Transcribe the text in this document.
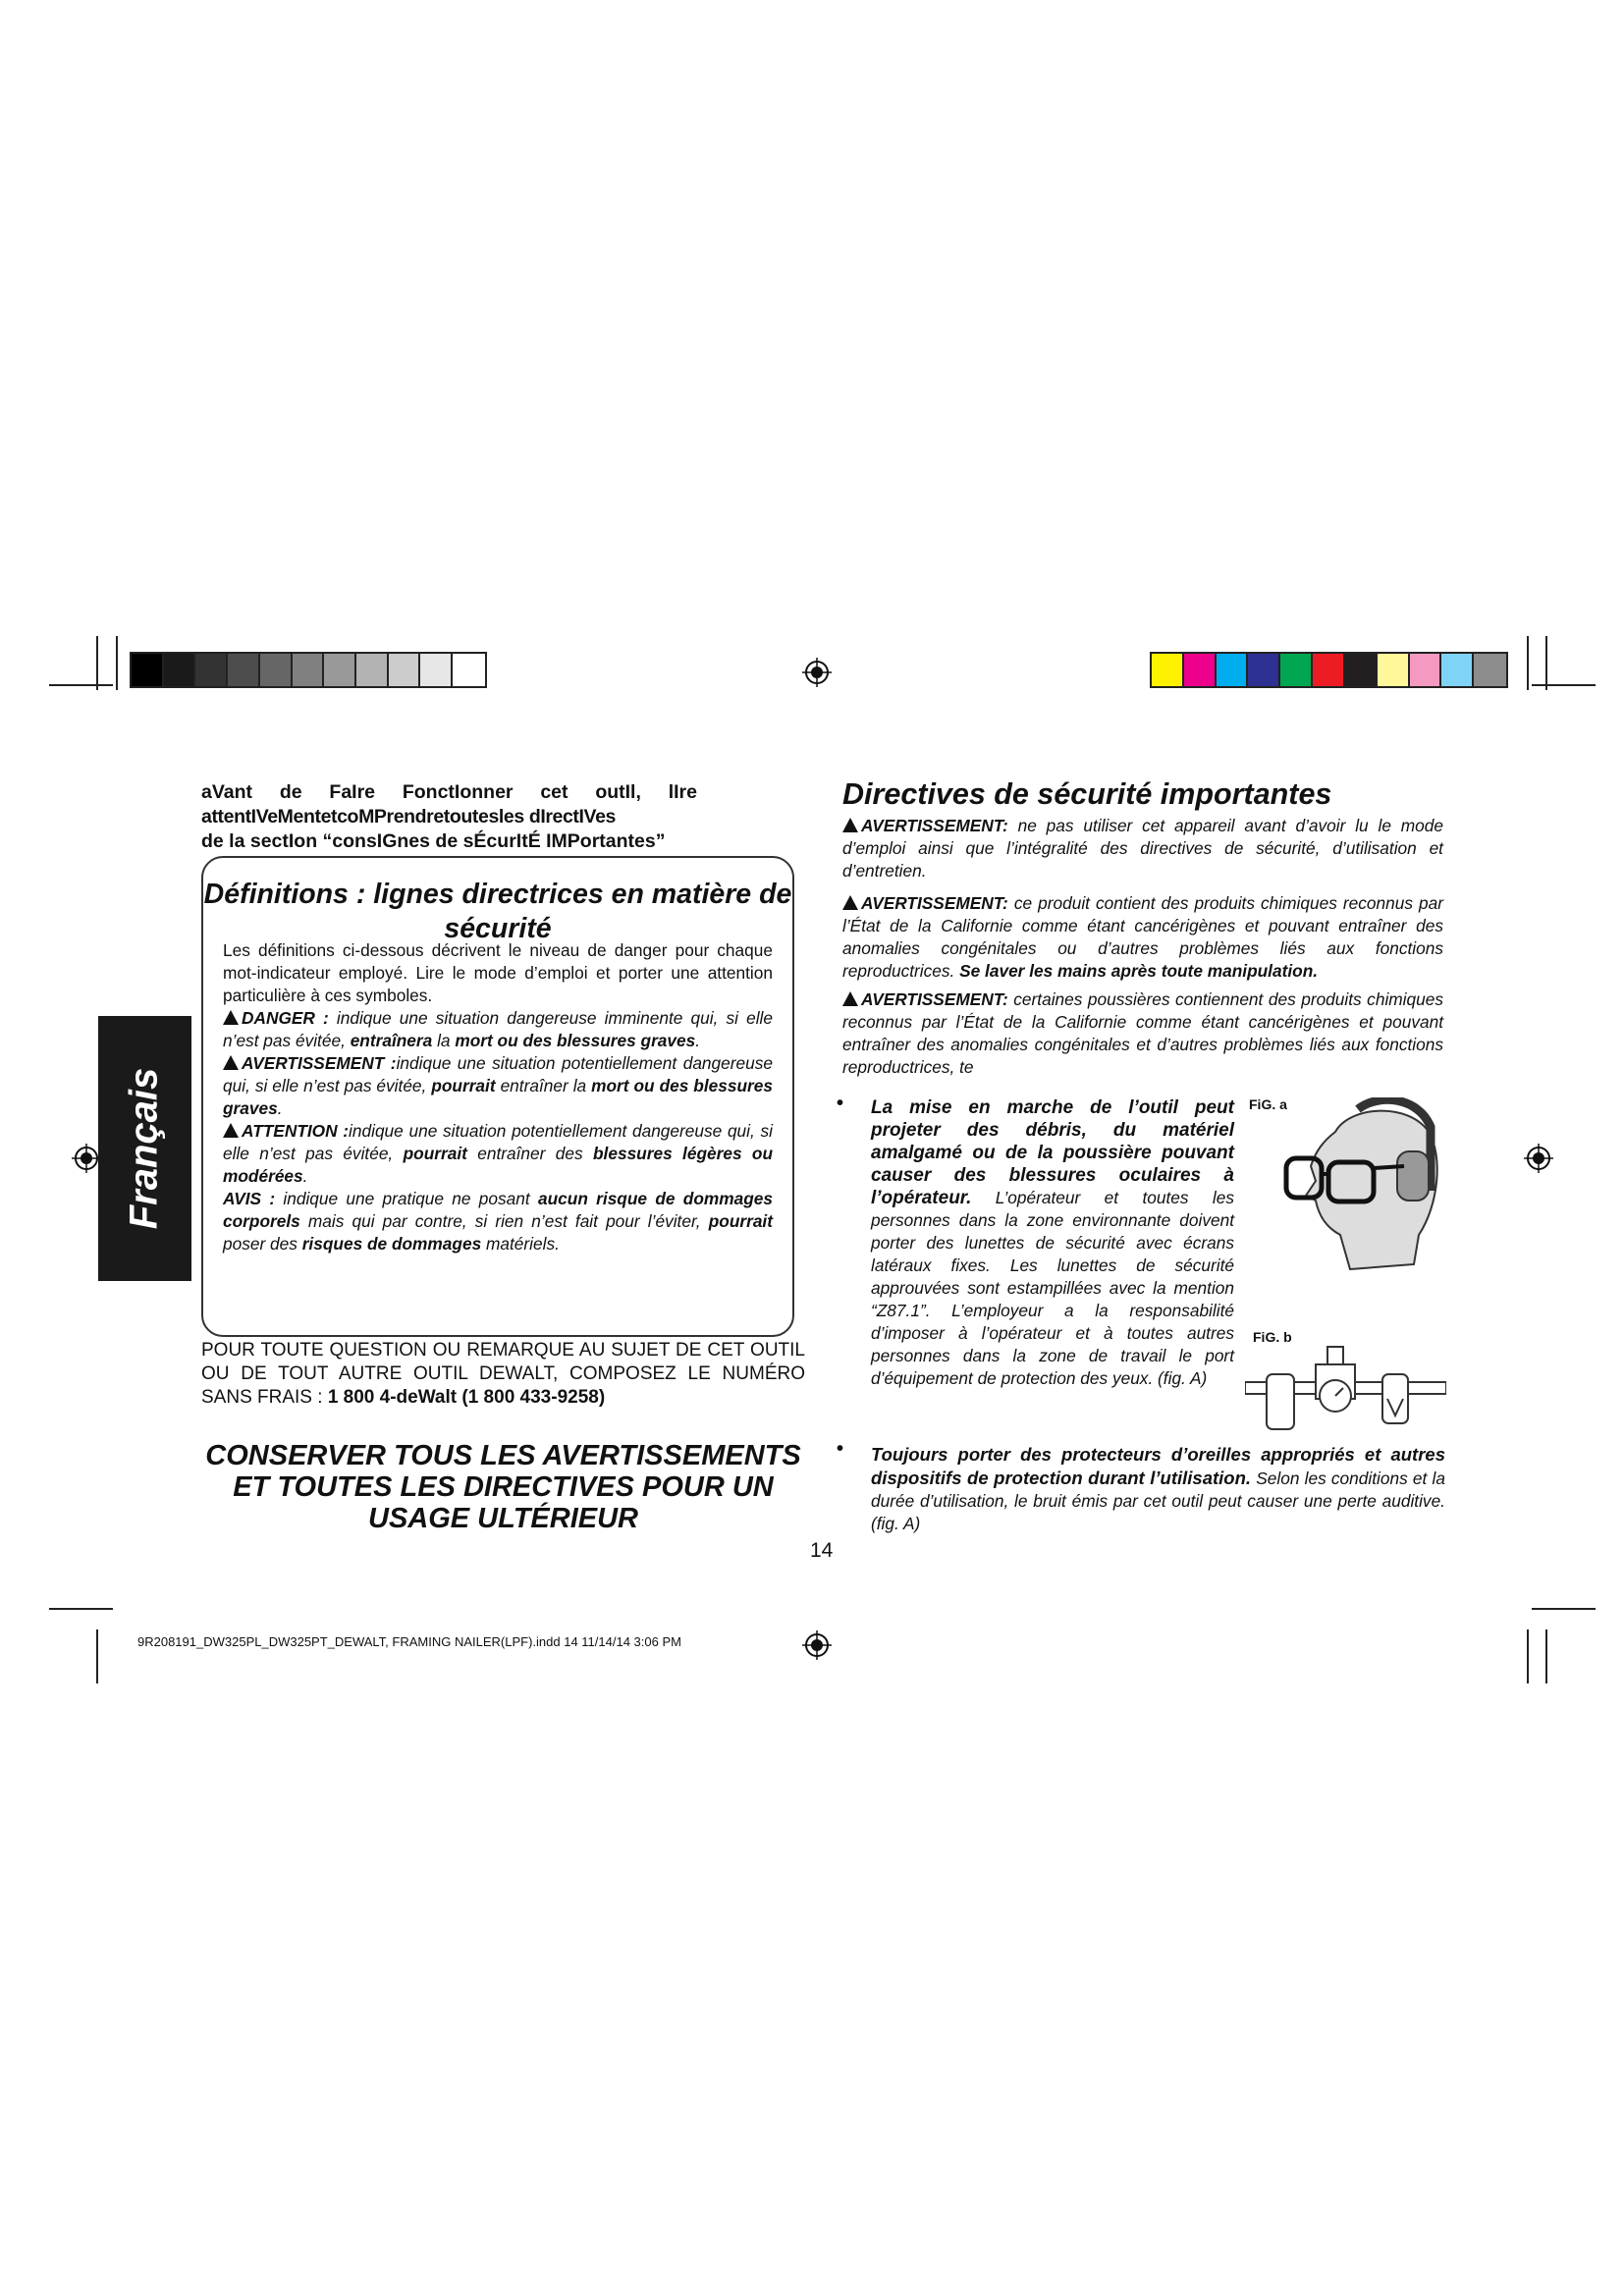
Français
aVant de FaIre FonctIonner cet outIl, lIre
attentIVeMentetcoMPrendretoutesles dIrectIVes
de la sectIon “consIGnes de sÉcurItÉ IMPortantes”
Définitions : lignes directrices en matière de sécurité

Les définitions ci-dessous décrivent le niveau de danger pour chaque mot-indicateur employé. Lire le mode d’emploi et porter une attention particulière à ces symboles.

DANGER : indique une situation dangereuse imminente qui, si elle n’est pas évitée, entraînera la mort ou des blessures graves.

AVERTISSEMENT :indique une situation potentiellement dangereuse qui, si elle n’est pas évitée, pourrait entraîner la mort ou des blessures graves.

ATTENTION :indique une situation potentiellement dangereuse qui, si elle n’est pas évitée, pourrait entraîner des blessures légères ou modérées.

AVIS : indique une pratique ne posant aucun risque de dommages corporels mais qui par contre, si rien n’est fait pour l’éviter, pourrait poser des risques de dommages matériels.

POUR TOUTE QUESTION OU REMARQUE AU SUJET DE CET OUTIL OU DE TOUT AUTRE OUTIL DEWALT, COMPOSEZ LE NUMÉRO SANS FRAIS : 1 800 4-deWalt (1 800 433-9258)
CONSERVER TOUS LES AVERTISSEMENTS ET TOUTES LES DIRECTIVES POUR UN USAGE ULTÉRIEUR
Directives de sécurité importantes

AVERTISSEMENT: ne pas utiliser cet appareil avant d’avoir lu le mode d’emploi ainsi que l’intégralité des directives de sécurité, d’utilisation et d’entretien.

AVERTISSEMENT: ce produit contient des produits chimiques reconnus par l’État de la Californie comme étant cancérigènes et pouvant entraîner des anomalies congénitales ou d’autres problèmes liés aux fonctions reproductrices. Se laver les mains après toute manipulation.

AVERTISSEMENT: certaines poussières contiennent des produits chimiques reconnus par l’État de la Californie comme étant cancérigènes et pouvant entraîner des anomalies congénitales et d’autres problèmes liés aux fonctions reproductrices, te

• La mise en marche de l’outil peut projeter des débris, du matériel amalgamé ou de la poussière pouvant causer des blessures oculaires à l’opérateur. L’opérateur et toutes les personnes dans la zone environnante doivent porter des lunettes de sécurité avec écrans latéraux fixes. Les lunettes de sécurité approuvées sont estampillées avec la mention “Z87.1”. L’employeur a la responsabilité d’imposer à l’opérateur et à toutes autres personnes dans la zone de travail le port d’équipement de protection des yeux. (fig. A)
• Toujours porter des protecteurs d’oreilles appropriés et autres dispositifs de protection durant l’utilisation. Selon les conditions et la durée d’utilisation, le bruit émis par cet outil peut causer une perte auditive. (fig. A)
FiG. a
FiG. b
14
9R208191_DW325PL_DW325PT_DEWALT, FRAMING NAILER(LPF).indd 14 11/14/14 3:06 PM
